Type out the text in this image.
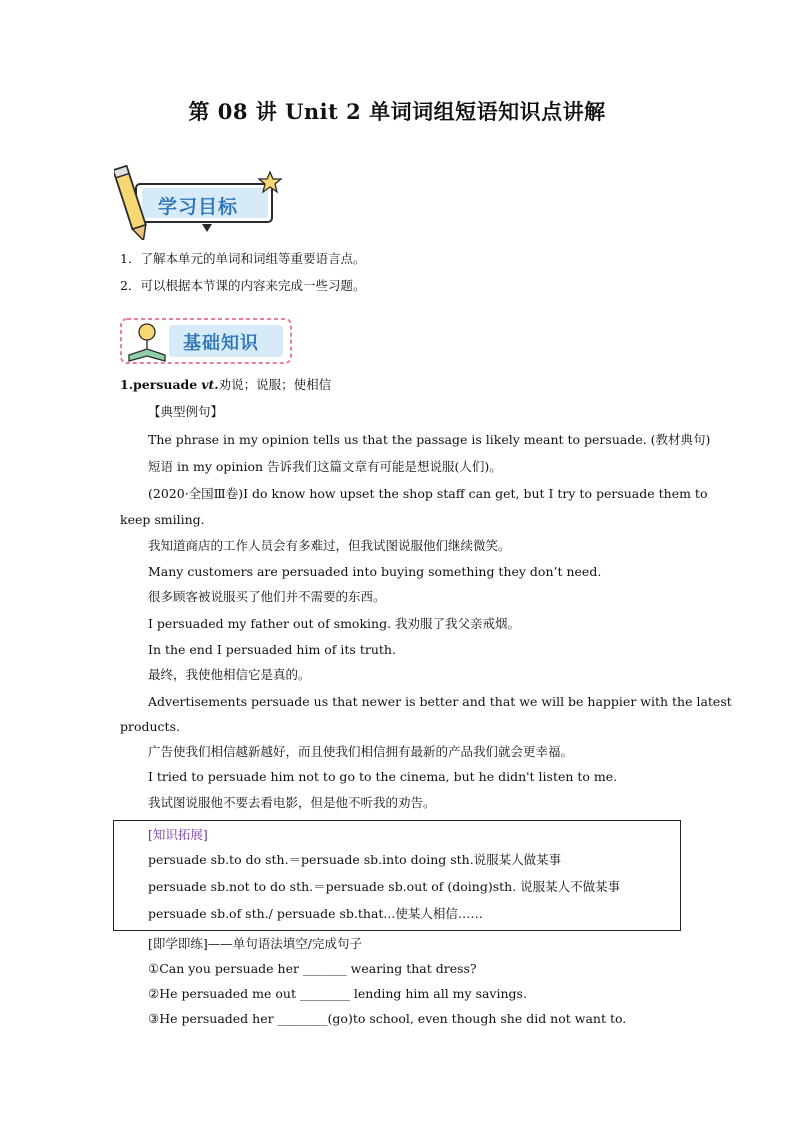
第 08 讲 Unit 2 单词词组短语知识点讲解
学习目标
1．了解本单元的单词和词组等重要语言点。
2．可以根据本节课的内容来完成一些习题。
基础知识
1.persuade vt.劝说；说服；使相信
【典型例句】
The phrase in my opinion tells us that the passage is likely meant to persuade. (教材典句)
短语 in my opinion 告诉我们这篇文章有可能是想说服(人们)。
(2020·全国Ⅲ卷)I do know how upset the shop staff can get, but I try to persuade them to
keep smiling.
我知道商店的工作人员会有多难过，但我试图说服他们继续微笑。
Many customers are persuaded into buying something they don’t need.
很多顾客被说服买了他们并不需要的东西。
I persuaded my father out of smoking. 我劝服了我父亲戒烟。
In the end I persuaded him of its truth.
最终，我使他相信它是真的。
Advertisements persuade us that newer is better and that we will be happier with the latest
products.
广告使我们相信越新越好，而且使我们相信拥有最新的产品我们就会更幸福。
I tried to persuade him not to go to the cinema, but he didn't listen to me.
我试图说服他不要去看电影，但是他不听我的劝告。
[知识拓展]
persuade sb.to do sth.＝persuade sb.into doing sth.说服某人做某事
persuade sb.not to do sth.＝persuade sb.out of (doing)sth. 说服某人不做某事
persuade sb.of sth./ persuade sb.that...使某人相信……
[即学即练]——单句语法填空/完成句子
①Can you persuade her _______ wearing that dress?
②He persuaded me out ________ lending him all my savings.
③He persuaded her ________(go)to school, even though she did not want to.
